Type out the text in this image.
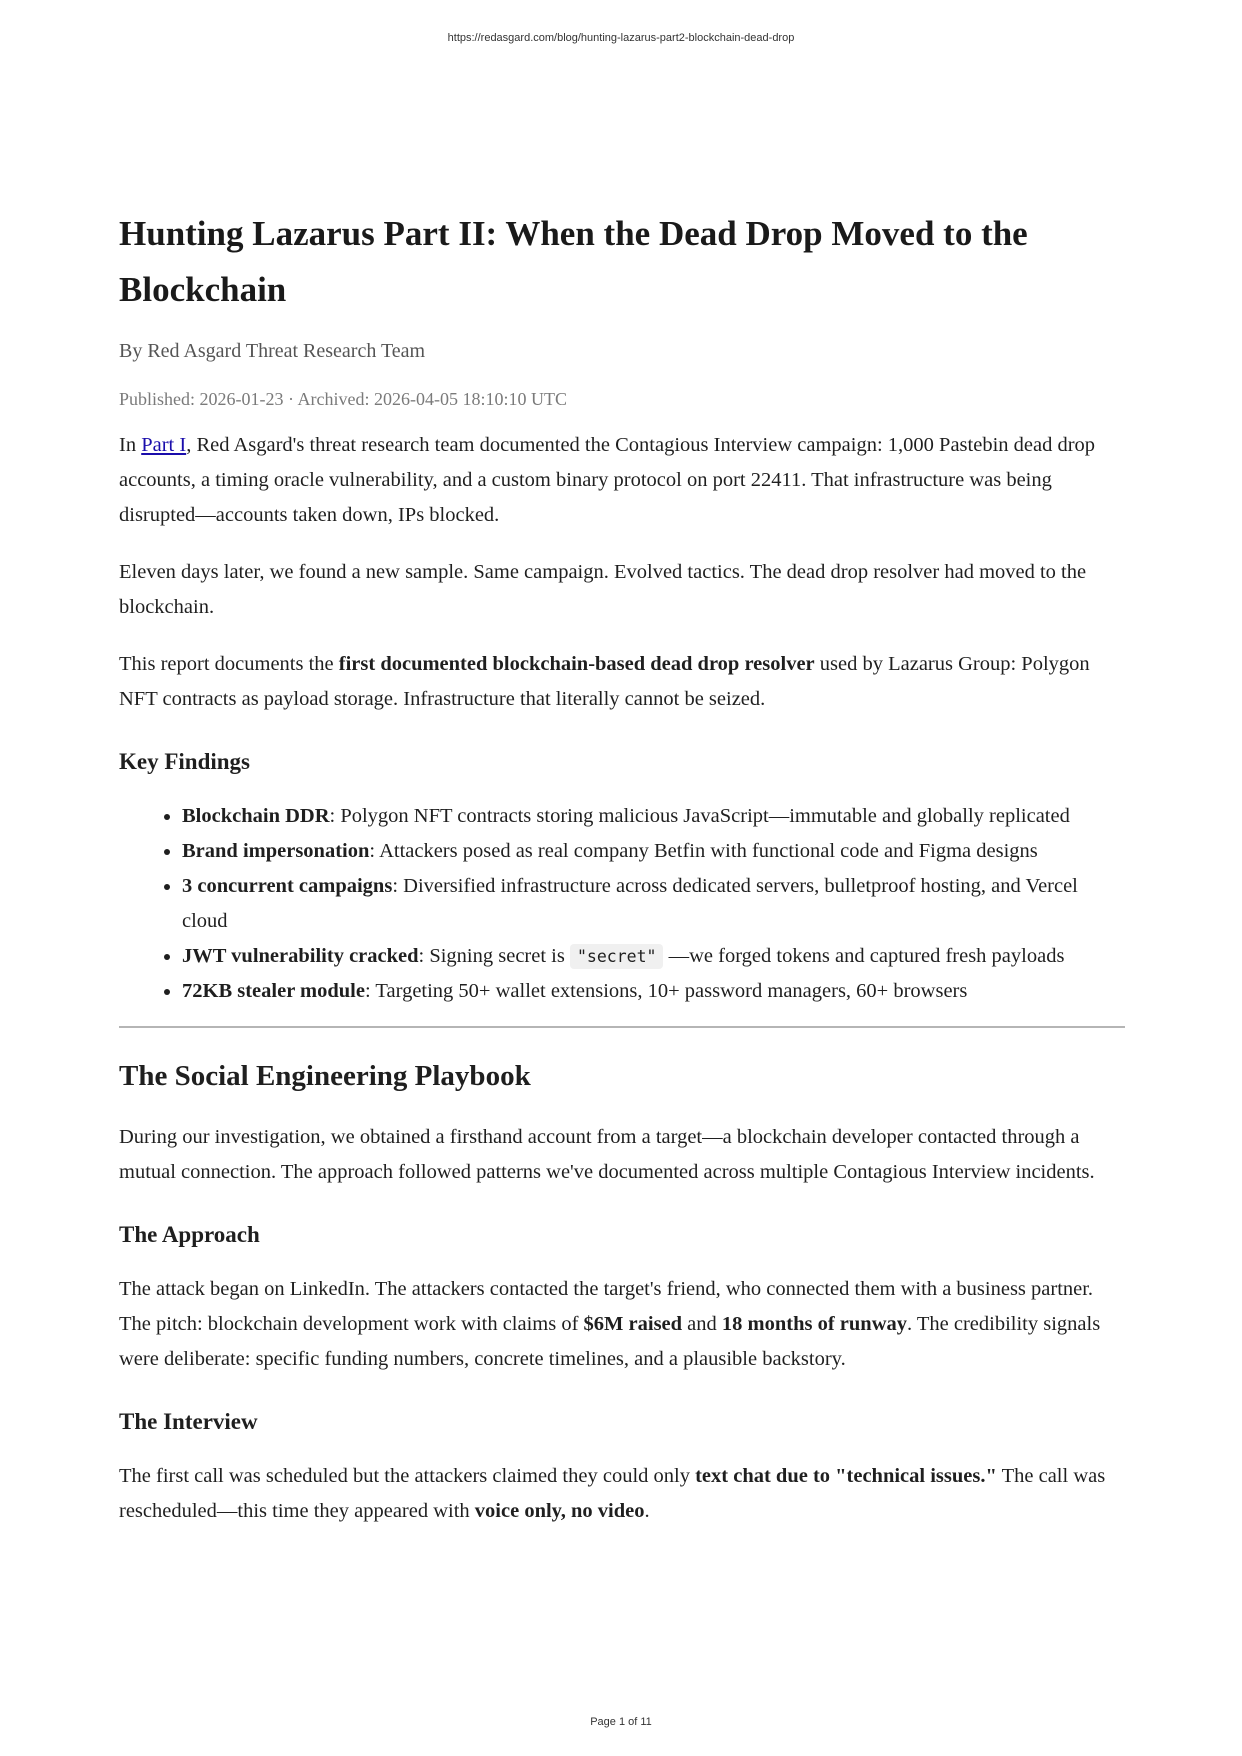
https://redasgard.com/blog/hunting-lazarus-part2-blockchain-dead-drop
Hunting Lazarus Part II: When the Dead Drop Moved to the Blockchain
By Red Asgard Threat Research Team
Published: 2026-01-23 · Archived: 2026-04-05 18:10:10 UTC

In Part I, Red Asgard's threat research team documented the Contagious Interview campaign: 1,000 Pastebin dead drop accounts, a timing oracle vulnerability, and a custom binary protocol on port 22411. That infrastructure was being disrupted—accounts taken down, IPs blocked.

Eleven days later, we found a new sample. Same campaign. Evolved tactics. The dead drop resolver had moved to the blockchain.

This report documents the first documented blockchain-based dead drop resolver used by Lazarus Group: Polygon NFT contracts as payload storage. Infrastructure that literally cannot be seized.

Key Findings
• Blockchain DDR: Polygon NFT contracts storing malicious JavaScript—immutable and globally replicated
• Brand impersonation: Attackers posed as real company Betfin with functional code and Figma designs
• 3 concurrent campaigns: Diversified infrastructure across dedicated servers, bulletproof hosting, and Vercel cloud
• JWT vulnerability cracked: Signing secret is "secret" —we forged tokens and captured fresh payloads
• 72KB stealer module: Targeting 50+ wallet extensions, 10+ password managers, 60+ browsers
The Social Engineering Playbook

During our investigation, we obtained a firsthand account from a target—a blockchain developer contacted through a mutual connection. The approach followed patterns we've documented across multiple Contagious Interview incidents.

The Approach

The attack began on LinkedIn. The attackers contacted the target's friend, who connected them with a business partner. The pitch: blockchain development work with claims of $6M raised and 18 months of runway. The credibility signals were deliberate: specific funding numbers, concrete timelines, and a plausible backstory.

The Interview

The first call was scheduled but the attackers claimed they could only text chat due to "technical issues." The call was rescheduled—this time they appeared with voice only, no video.

Page 1 of 11
